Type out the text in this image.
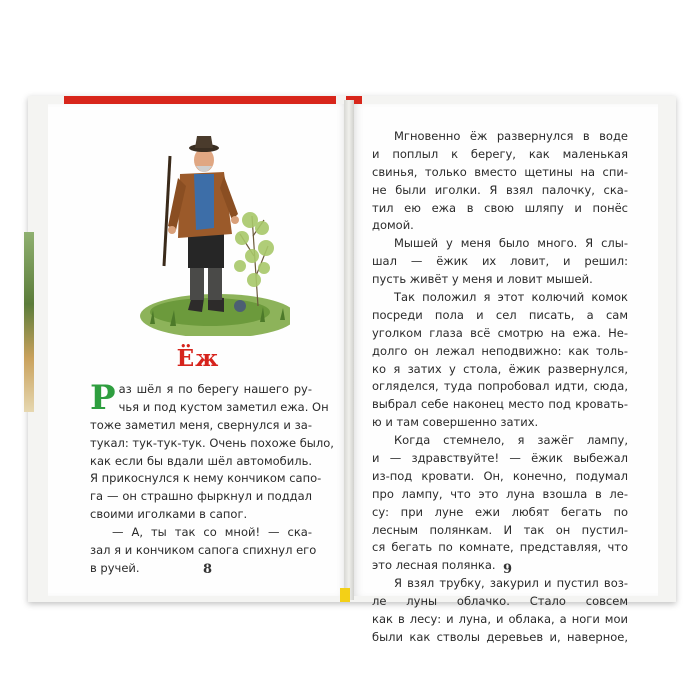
Ёж
Р аз шёл я по берегу нашего ру-
чья и под кустом заметил ежа. Он
тоже заметил меня, свернулся и за-
тукал: тук-тук-тук. Очень похоже было,
как если бы вдали шёл автомобиль.
Я прикоснулся к нему кончиком сапо-
га — он страшно фыркнул и поддал
своими иголками в сапог.
— А, ты так со мной! — ска-
зал я и кончиком сапога спихнул его
в ручей.	8
Мгновенно ёж развернулся в воде
и поплыл к берегу, как маленькая
свинья, только вместо щетины на спи-
не были иголки. Я взял палочку, ска-
тил ею ежа в свою шляпу и понёс
домой.
Мышей у меня было много. Я слы-
шал — ёжик их ловит, и решил:
пусть живёт у меня и ловит мышей.
Так положил я этот колючий комок
посреди пола и сел писать, а сам
уголком глаза всё смотрю на ежа. Не-
долго он лежал неподвижно: как толь-
ко я затих у стола, ёжик развернулся,
огляделся, туда попробовал идти, сюда,
выбрал себе наконец место под кровать-
ю и там совершенно затих.
Когда стемнело, я зажёг лампу,
и — здравствуйте! — ёжик выбежал
из-под кровати. Он, конечно, подумал
про лампу, что это луна взошла в ле-
су: при луне ежи любят бегать по
лесным полянкам. И так он пустил-
ся бегать по комнате, представляя, что
это лесная полянка.
Я взял трубку, закурил и пустил воз-
ле луны облачко. Стало совсем
как в лесу: и луна, и облака, а ноги мои
были как стволы деревьев и, наверное,
9
